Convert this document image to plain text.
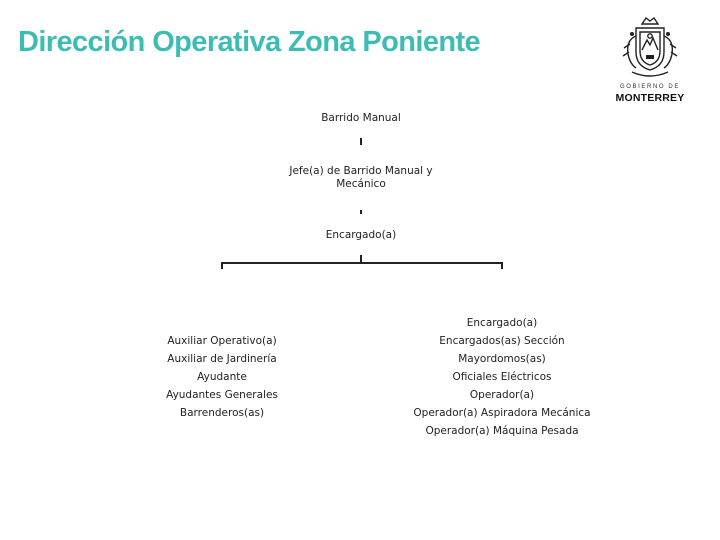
Dirección Operativa Zona Poniente
GOBIERNO DE
MONTERREY
Barrido Manual
Jefe(a) de Barrido Manual y Mecánico
Encargado(a)
Auxiliar Operativo(a)
Auxiliar de Jardinería
Ayudante
Ayudantes Generales
Barrenderos(as)
Encargado(a)
Encargados(as) Sección
Mayordomos(as)
Oficiales Eléctricos
Operador(a)
Operador(a) Aspiradora Mecánica
Operador(a) Máquina Pesada
